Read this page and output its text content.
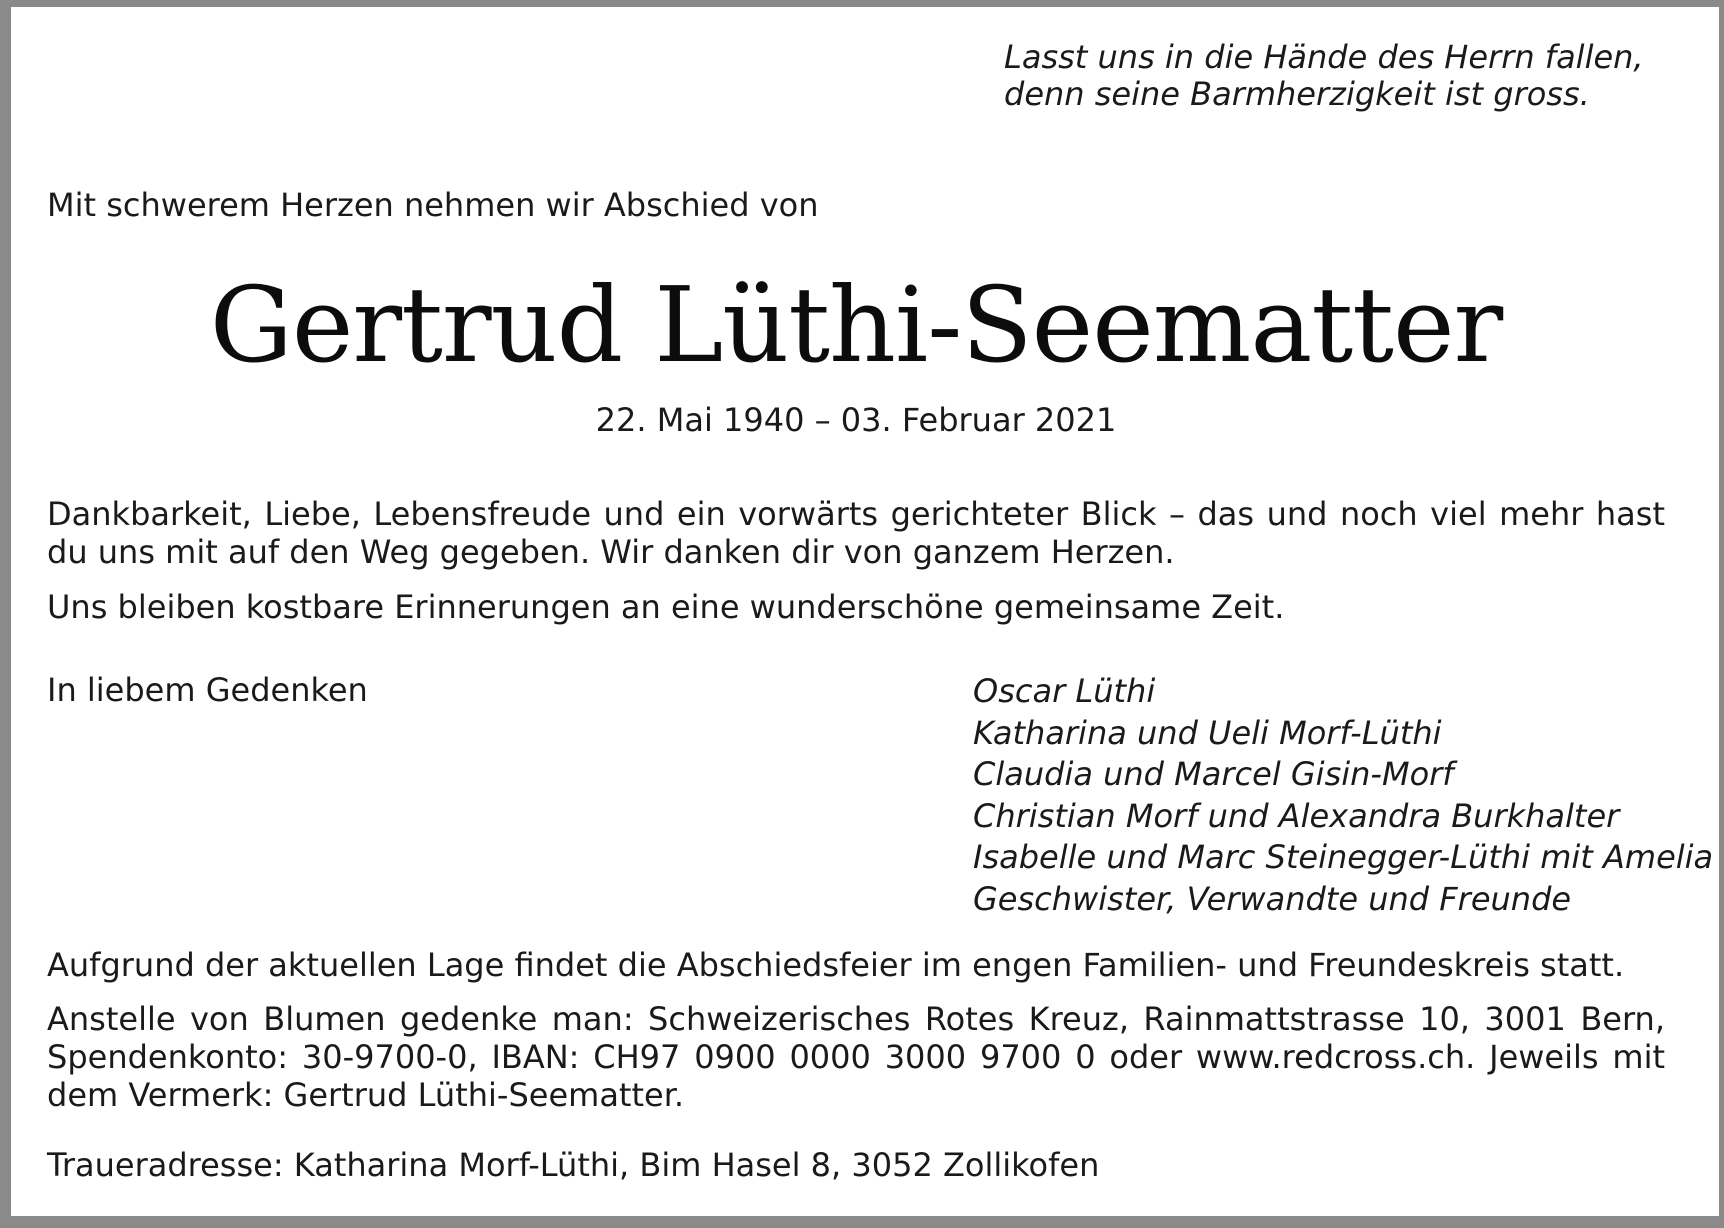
Lasst uns in die Hände des Herrn fallen,
denn seine Barmherzigkeit ist gross.
Mit schwerem Herzen nehmen wir Abschied von
Gertrud Lüthi-Seematter
22. Mai 1940 – 03. Februar 2021
Dankbarkeit, Liebe, Lebensfreude und ein vorwärts gerichteter Blick – das und noch viel mehr hast du uns mit auf den Weg gegeben. Wir danken dir von ganzem Herzen.
Uns bleiben kostbare Erinnerungen an eine wunderschöne gemeinsame Zeit.
In liebem Gedenken	Oscar Lüthi
Katharina und Ueli Morf-Lüthi
Claudia und Marcel Gisin-Morf
Christian Morf und Alexandra Burkhalter
Isabelle und Marc Steinegger-Lüthi mit Amelia
Geschwister, Verwandte und Freunde
Aufgrund der aktuellen Lage findet die Abschiedsfeier im engen Familien- und Freundeskreis statt.
Anstelle von Blumen gedenke man: Schweizerisches Rotes Kreuz, Rainmattstrasse 10, 3001 Bern, Spendenkonto: 30-9700-0, IBAN: CH97 0900 0000 3000 9700 0 oder www.redcross.ch. Jeweils mit dem Vermerk: Gertrud Lüthi-Seematter.
Traueradresse: Katharina Morf-Lüthi, Bim Hasel 8, 3052 Zollikofen
